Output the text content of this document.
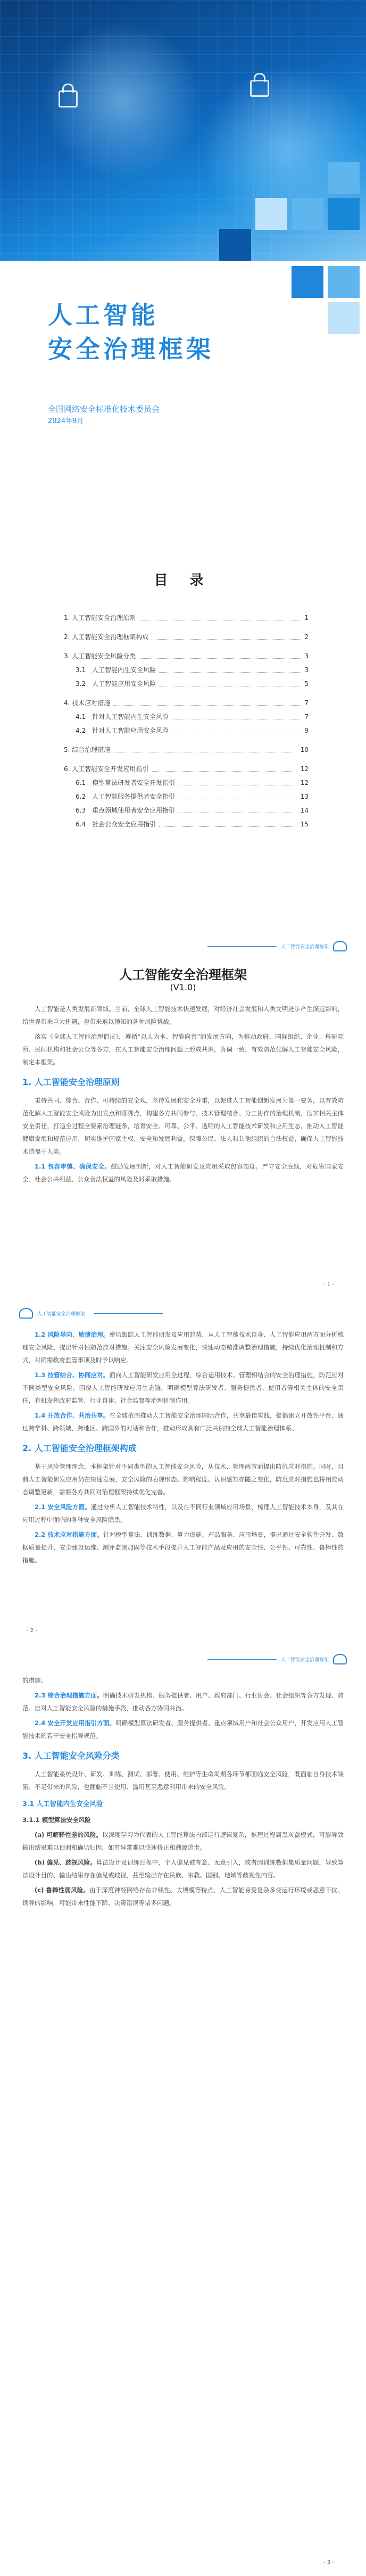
人工智能
安全治理框架
全国网络安全标准化技术委员会
2024年9月
目 录
1. 人工智能安全治理原则	1
2. 人工智能安全治理框架构成	2
3. 人工智能安全风险分类	3
3.1　人工智能内生安全风险	3
3.2　人工智能应用安全风险	5
4. 技术应对措施	7
4.1　针对人工智能内生安全风险	7
4.2　针对人工智能应用安全风险	9
5. 综合治理措施	10
6. 人工智能安全开发应用指引	12
6.1　模型算法研发者安全开发指引	12
6.2　人工智能服务提供者安全指引	13
6.3　重点领域使用者安全应用指引	14
6.4　社会公众安全应用指引	15
人工智能安全治理框架
人工智能安全治理框架
(V1.0)

人工智能是人类发展新领域。当前，全球人工智能技术快速发展，对经济社会发展和人类文明进步产生深远影响，给世界带来巨大机遇，也带来难以预知的各种风险挑战。

落实《全球人工智能治理倡议》，遵循“以人为本、智能向善”的发展方向，为推动政府、国际组织、企业、科研院所、民间机构和社会公众等各方，在人工智能安全治理问题上形成共识，协调一致，有效防范化解人工智能安全风险，制定本框架。

1. 人工智能安全治理原则

秉持共同、综合、合作、可持续的安全观，坚持发展和安全并重，以促进人工智能创新发展为第一要务，以有效防范化解人工智能安全风险为出发点和落脚点，构建各方共同参与、技术管理结合、分工协作的治理机制，压实相关主体安全责任，打造全过程全要素治理链条，培育安全、可靠、公平、透明的人工智能技术研发和应用生态，推动人工智能健康发展和规范应用，切实维护国家主权、安全和发展利益，保障公民、法人和其他组织的合法权益，确保人工智能技术造福于人类。

1.1 包容审慎、确保安全。鼓励发展创新，对人工智能研发及应用采取包容态度。严守安全底线，对危害国家安全、社会公共利益、公众合法权益的风险及时采取措施。

- 1 -
人工智能安全治理框架

1.2 风险导向、敏捷治理。密切跟踪人工智能研发及应用趋势，从人工智能技术自身、人工智能应用两方面分析梳理安全风险，提出针对性防范应对措施。关注安全风险发展变化，快速动态精准调整治理措施，持续优化治理机制和方式，对确需政府监管事项及时予以响应。

1.3 技管结合、协同应对。面向人工智能研发应用全过程，综合运用技术、管理相结合的安全治理措施，防范应对不同类型安全风险。围绕人工智能研发应用生态链，明确模型算法研发者、服务提供者、使用者等相关主体的安全责任，有机发挥政府监管、行业自律、社会监督等治理机制作用。

1.4 开放合作、共治共享。在全球范围推动人工智能安全治理国际合作，共享最佳实践，提倡建立开放性平台，通过跨学科、跨领域、跨地区、跨国界的对话和合作，推动形成具有广泛共识的全球人工智能治理体系。

2. 人工智能安全治理框架构成

基于风险管理理念，本框架针对不同类型的人工智能安全风险，从技术、管理两方面提出防范应对措施。同时，目前人工智能研发应用仍在快速发展，安全风险的表现形态、影响程度、认识感知亦随之变化，防范应对措施也将相应动态调整更新，需要各方共同对治理框架持续优化完善。

2.1 安全风险方面。通过分析人工智能技术特性，以及在不同行业领域应用场景，梳理人工智能技术本身，及其在应用过程中面临的各种安全风险隐患。

2.2 技术应对措施方面。针对模型算法、训练数据、算力设施、产品服务、应用场景，提出通过安全软件开发、数据质量提升、安全建设运维、测评监测加固等技术手段提升人工智能产品及应用的安全性、公平性、可靠性、鲁棒性的措施。

- 2 -
人工智能安全治理框架

的措施。

2.3 综合治理措施方面。明确技术研发机构、服务提供者、用户、政府部门、行业协会、社会组织等各方发现、防范、应对人工智能安全风险的措施手段，推动各方协同共治。

2.4 安全开发应用指引方面。明确模型算法研发者、服务提供者、重点领域用户和社会公众用户，开发应用人工智能技术的若干安全指导规范。

3. 人工智能安全风险分类

人工智能系统设计、研发、训练、测试、部署、使用、维护等生命周期各环节都面临安全风险，既面临自身技术缺陷、不足带来的风险，也面临不当使用、滥用甚至恶意利用带来的安全风险。

3.1 人工智能内生安全风险
3.1.1 模型算法安全风险

(a) 可解释性差的风险。以深度学习为代表的人工智能算法内部运行逻辑复杂，推理过程属黑灰盒模式，可能导致输出结果难以预测和确切归因，如有异常难以快速修正和溯源追责。

(b) 偏见、歧视风险。算法设计及训练过程中，个人偏见被有意、无意引入，或者因训练数据集质量问题，导致算法设计目的、输出结果存在偏见或歧视，甚至输出存在民族、宗教、国别、地域等歧视性内容。

(c) 鲁棒性弱风险。由于深度神经网络存在非线性、大规模等特点，人工智能易受复杂多变运行环境或恶意干扰、诱导的影响，可能带来性能下降、决策错误等诸多问题。

- 3 -
